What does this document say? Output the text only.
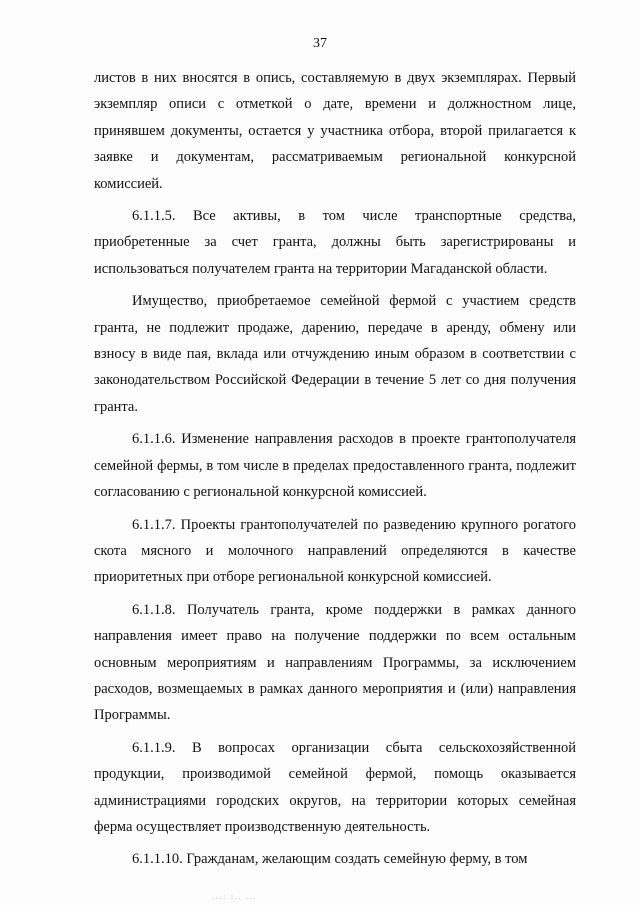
37

листов в них вносятся в опись, составляемую в двух экземплярах. Первый экземпляр описи с отметкой о дате, времени и должностном лице, принявшем документы, остается у участника отбора, второй прилагается к заявке и документам, рассматриваемым региональной конкурсной комиссией.

6.1.1.5. Все активы, в том числе транспортные средства, приобретенные за счет гранта, должны быть зарегистрированы и использоваться получателем гранта на территории Магаданской области.

Имущество, приобретаемое семейной фермой с участием средств гранта, не подлежит продаже, дарению, передаче в аренду, обмену или взносу в виде пая, вклада или отчуждению иным образом в соответствии с законодательством Российской Федерации в течение 5 лет со дня получения гранта.

6.1.1.6. Изменение направления расходов в проекте грантополучателя семейной фермы, в том числе в пределах предоставленного гранта, подлежит согласованию с региональной конкурсной комиссией.

6.1.1.7. Проекты грантополучателей по разведению крупного рогатого скота мясного и молочного направлений определяются в качестве приоритетных при отборе региональной конкурсной комиссией.

6.1.1.8. Получатель гранта, кроме поддержки в рамках данного направления имеет право на получение поддержки по всем остальным основным мероприятиям и направлениям Программы, за исключением расходов, возмещаемых в рамках данного мероприятия и (или) направления Программы.

6.1.1.9. В вопросах организации сбыта сельскохозяйственной продукции, производимой семейной фермой, помощь оказывается администрациями городских округов, на территории которых семейная ферма осуществляет производственную деятельность.

6.1.1.10. Гражданам, желающим создать семейную ферму, в том

...: :.. ...
